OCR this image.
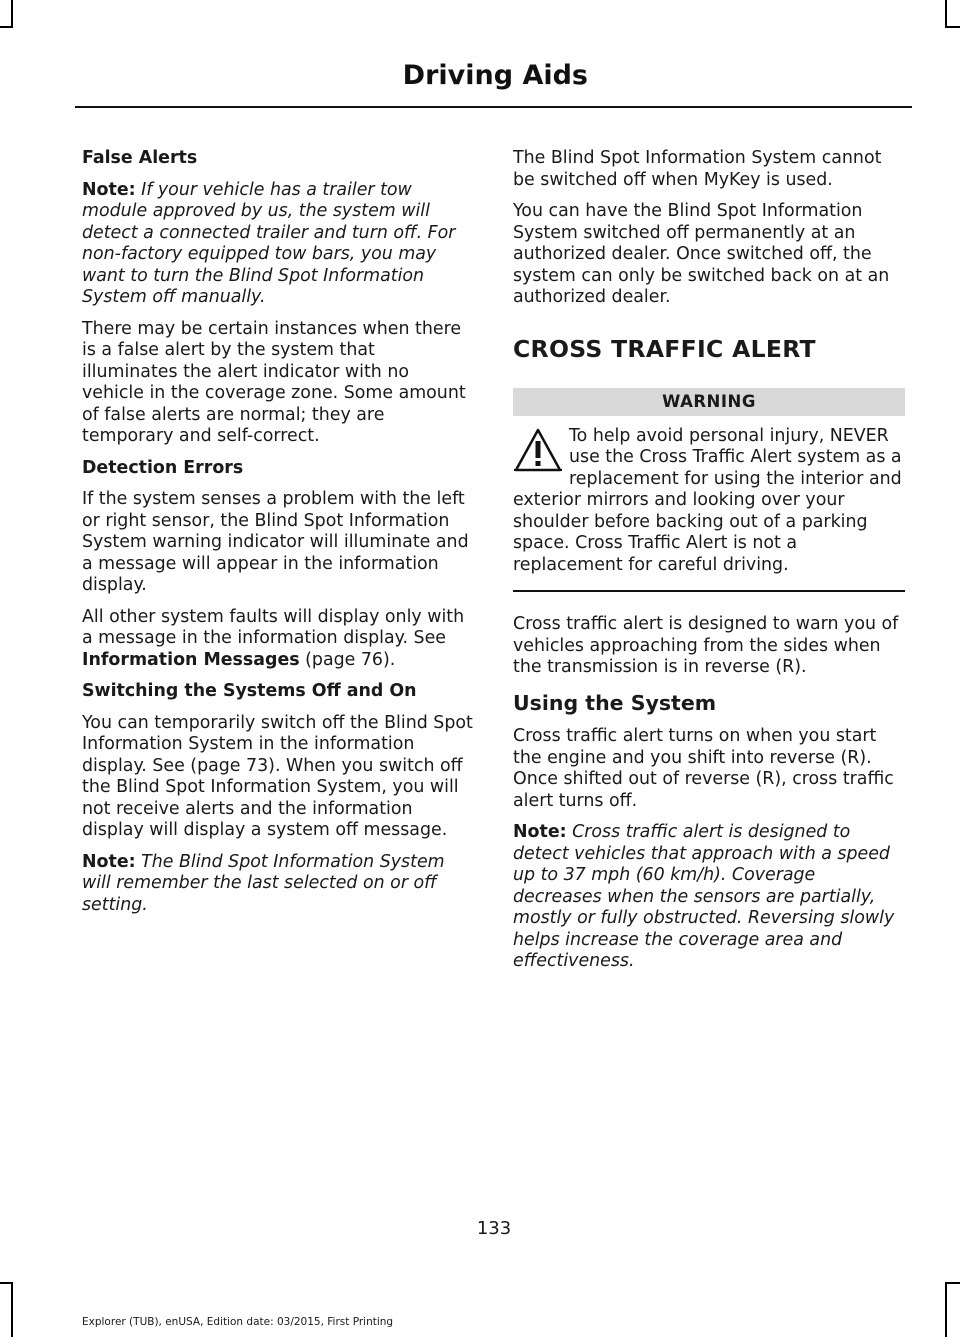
Driving Aids
False Alerts

Note: If your vehicle has a trailer tow module approved by us, the system will detect a connected trailer and turn off. For non-factory equipped tow bars, you may want to turn the Blind Spot Information System off manually.

There may be certain instances when there is a false alert by the system that illuminates the alert indicator with no vehicle in the coverage zone. Some amount of false alerts are normal; they are temporary and self-correct.

Detection Errors

If the system senses a problem with the left or right sensor, the Blind Spot Information System warning indicator will illuminate and a message will appear in the information display.

All other system faults will display only with a message in the information display. See Information Messages (page 76).

Switching the Systems Off and On

You can temporarily switch off the Blind Spot Information System in the information display. See (page 73). When you switch off the Blind Spot Information System, you will not receive alerts and the information display will display a system off message.

Note: The Blind Spot Information System will remember the last selected on or off setting.

The Blind Spot Information System cannot be switched off when MyKey is used.

You can have the Blind Spot Information System switched off permanently at an authorized dealer. Once switched off, the system can only be switched back on at an authorized dealer.

CROSS TRAFFIC ALERT
WARNING

To help avoid personal injury, NEVER use the Cross Traffic Alert system as a replacement for using the interior and exterior mirrors and looking over your shoulder before backing out of a parking space. Cross Traffic Alert is not a replacement for careful driving.

Cross traffic alert is designed to warn you of vehicles approaching from the sides when the transmission is in reverse (R).

Using the System

Cross traffic alert turns on when you start the engine and you shift into reverse (R). Once shifted out of reverse (R), cross traffic alert turns off.

Note: Cross traffic alert is designed to detect vehicles that approach with a speed up to 37 mph (60 km/h). Coverage decreases when the sensors are partially, mostly or fully obstructed. Reversing slowly helps increase the coverage area and effectiveness.

133
Explorer (TUB), enUSA, Edition date: 03/2015, First Printing
